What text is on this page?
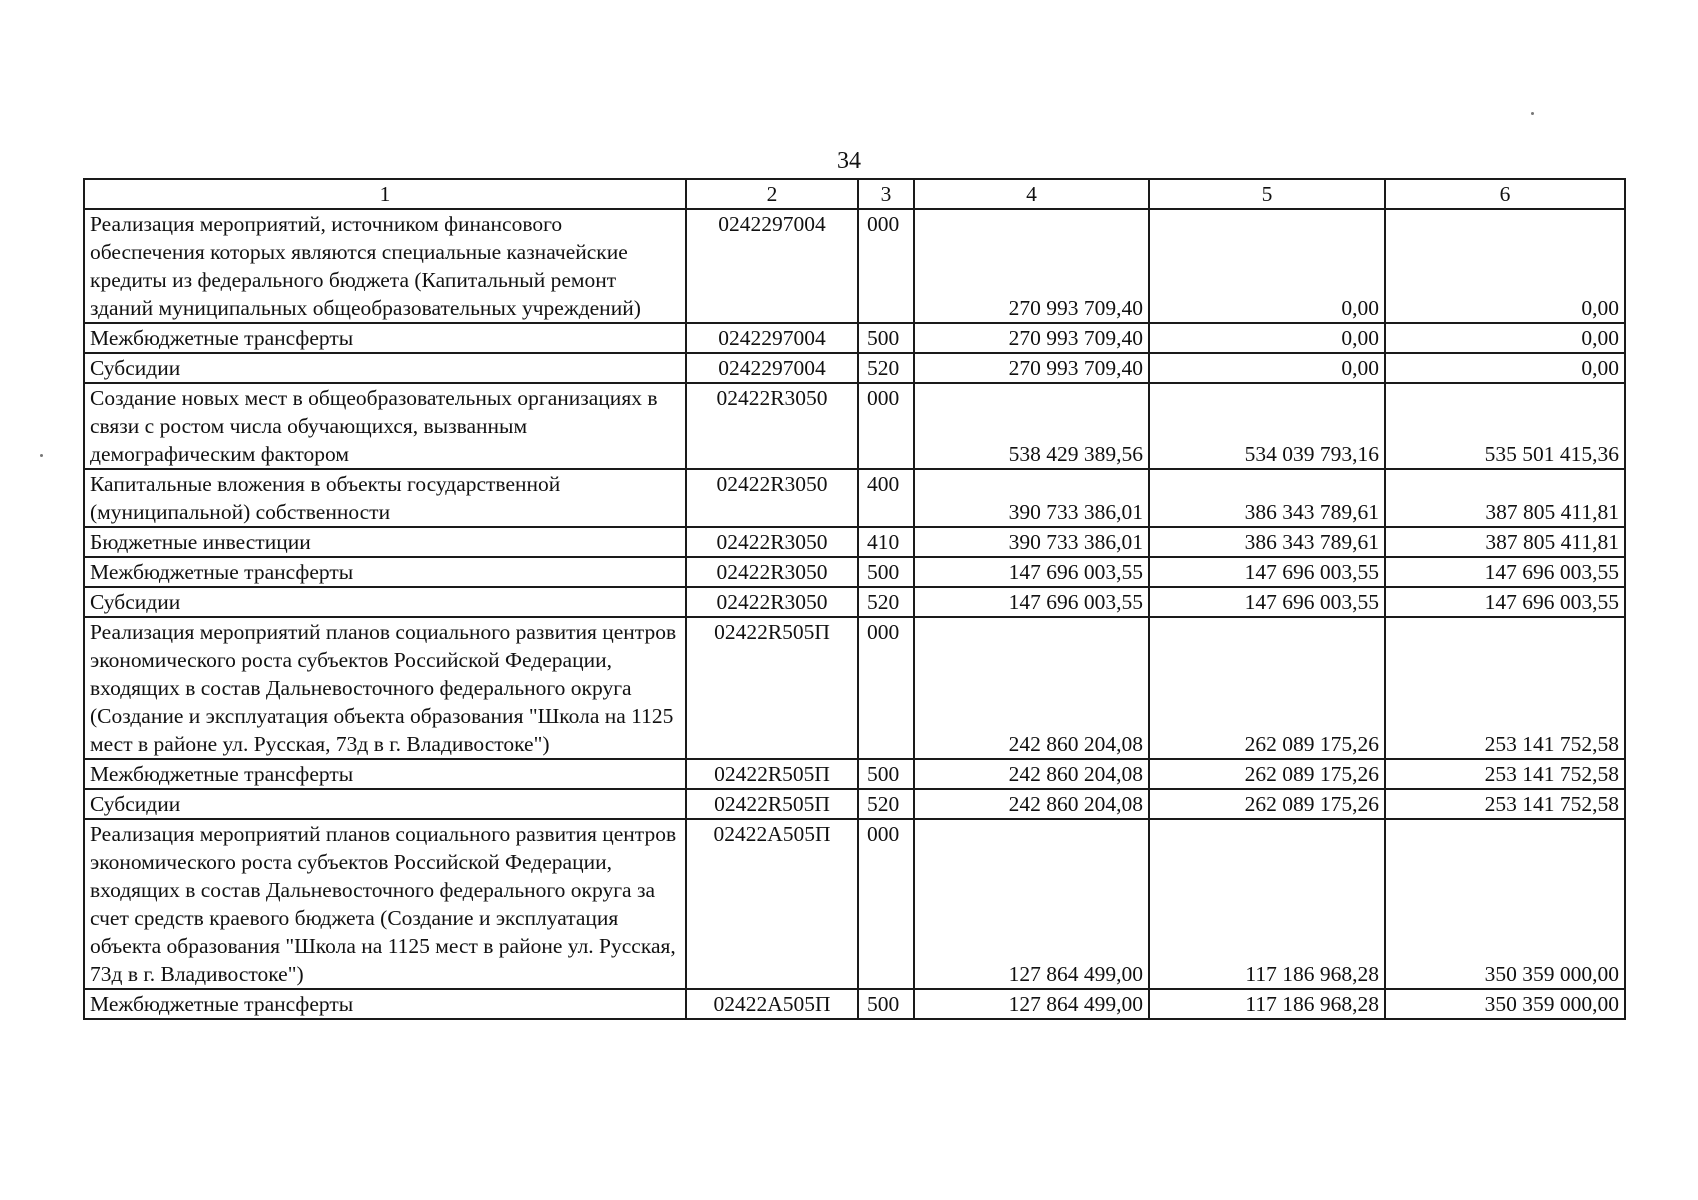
34
1	2	3	4	5	6
Реализация мероприятий, источником финансового обеспечения которых являются специальные казначейские кредиты из федерального бюджета (Капитальный ремонт зданий муниципальных общеобразовательных учреждений)	0242297004	000	270 993 709,40	0,00	0,00
Межбюджетные трансферты	0242297004	500	270 993 709,40	0,00	0,00
Субсидии	0242297004	520	270 993 709,40	0,00	0,00
Создание новых мест в общеобразовательных организациях в связи с ростом числа обучающихся, вызванным демографическим фактором	02422R3050	000	538 429 389,56	534 039 793,16	535 501 415,36
Капитальные вложения в объекты государственной (муниципальной) собственности	02422R3050	400	390 733 386,01	386 343 789,61	387 805 411,81
Бюджетные инвестиции	02422R3050	410	390 733 386,01	386 343 789,61	387 805 411,81
Межбюджетные трансферты	02422R3050	500	147 696 003,55	147 696 003,55	147 696 003,55
Субсидии	02422R3050	520	147 696 003,55	147 696 003,55	147 696 003,55
Реализация мероприятий планов социального развития центров экономического роста субъектов Российской Федерации, входящих в состав Дальневосточного федерального округа (Создание и эксплуатация объекта образования "Школа на 1125 мест в районе ул. Русская, 73д в г. Владивостоке")	02422R505П	000	242 860 204,08	262 089 175,26	253 141 752,58
Межбюджетные трансферты	02422R505П	500	242 860 204,08	262 089 175,26	253 141 752,58
Субсидии	02422R505П	520	242 860 204,08	262 089 175,26	253 141 752,58
Реализация мероприятий планов социального развития центров экономического роста субъектов Российской Федерации, входящих в состав Дальневосточного федерального округа за счет средств краевого бюджета (Создание и эксплуатация объекта образования "Школа на 1125 мест в районе ул. Русская, 73д в г. Владивостоке")	02422А505П	000	127 864 499,00	117 186 968,28	350 359 000,00
Межбюджетные трансферты	02422А505П	500	127 864 499,00	117 186 968,28	350 359 000,00
